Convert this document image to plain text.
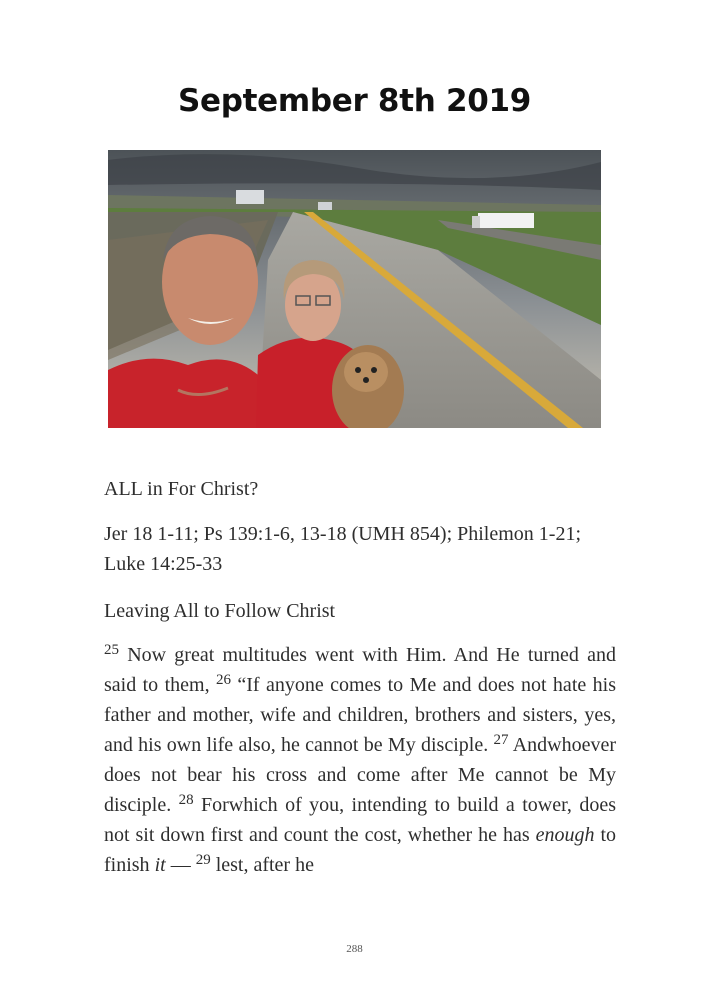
September 8th 2019
ALL in For Christ?
Jer 18 1-11; Ps 139:1-6, 13-18 (UMH 854); Philemon 1-21; Luke 14:25-33
Leaving All to Follow Christ
$^{25}$ Now great multitudes went with Him. And He turned and said to them, $^{26}$ “If anyone comes to Me and does not hate his father and mother, wife and children, brothers and sisters, yes, and his own life also, he cannot be My disciple. $^{27}$ Andwhoever does not bear his cross and come after Me cannot be My disciple. $^{28}$ Forwhich of you, intending to build a tower, does not sit down first and count the cost, whether he has enough to finish it — $^{29}$ lest, after he
288
